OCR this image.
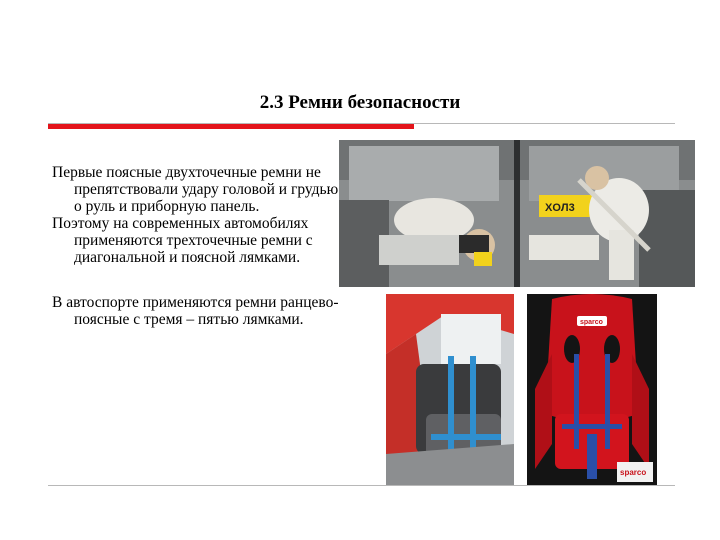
2.3 Ремни безопасности

Первые поясные двухточечные ремни не препятствовали удару головой и грудью о руль и приборную панель.

Поэтому на современных автомобилях применяются трехточечные ремни с диагональной и поясной лямками.

В автоспорте применяются ремни ранцево-поясные с тремя – пятью лямками.

XOЛ3
sparco
sparco
